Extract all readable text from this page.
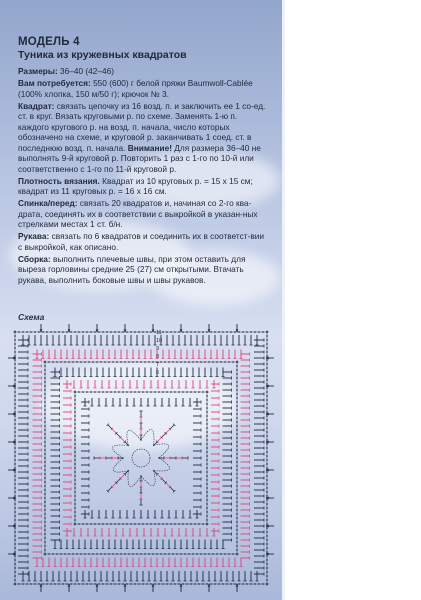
МОДЕЛЬ 4
Туника из кружевных квадратов

Размеры: 36–40 (42–46)

Вам потребуется: 550 (600) г белой пряжи Baumwoll-Cablée (100% хлопка, 150 м/50 г); крючок № 3.

Квадрат: связать цепочку из 16 возд. п. и заключить ее 1 со-ед. ст. в круг. Вязать круговыми р. по схеме. Заменять 1-ю п. каждого кругового р. на возд. п. начала, число которых обозначено на схеме, и круговой р. заканчивать 1 соед. ст. в последнюю возд. п. начала. Внимание! Для размера 36–40 не выполнять 9-й круговой р. Повторить 1 раз с 1-го по 10-й или соответственно с 1-го по 11-й круговой р.

Плотность вязания. Квадрат из 10 круговых р. = 15 х 15 см; квадрат из 11 круговых р. = 16 х 16 см.

Спинка/перед: связать 20 квадратов и, начиная со 2-го ква-драта, соединять их в соответствии с выкройкой в указан-ных стрелками местах 1 ст. б/н.

Рукава: связать по 6 квадратов и соединить их в соответст-вии с выкройкой, как описано.

Сборка: выполнить плечевые швы, при этом оставить для выреза горловины средние 25 (27) см открытыми. Втачать рукава, выполнить боковые швы и швы рукавов.

Схема
11
10
9
8
7
6
